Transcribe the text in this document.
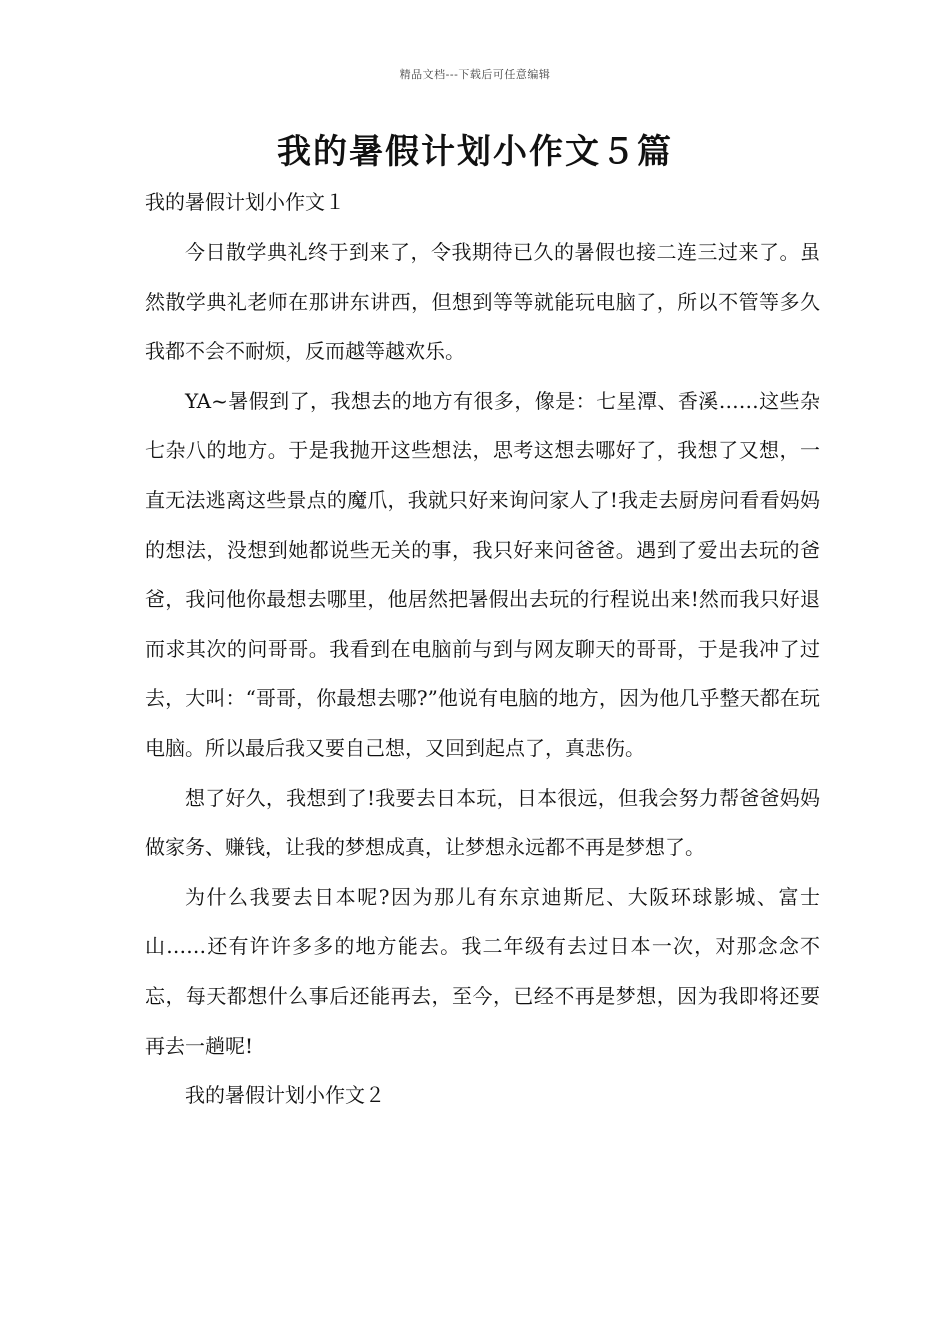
精品文档---下载后可任意编辑
我的暑假计划小作文５篇
我的暑假计划小作文１

今日散学典礼终于到来了，令我期待已久的暑假也接二连三过来了。虽然散学典礼老师在那讲东讲西，但想到等等就能玩电脑了，所以不管等多久我都不会不耐烦，反而越等越欢乐。

YA~暑假到了，我想去的地方有很多，像是：七星潭、香溪……这些杂七杂八的地方。于是我抛开这些想法，思考这想去哪好了，我想了又想，一直无法逃离这些景点的魔爪，我就只好来询问家人了!我走去厨房问看看妈妈的想法，没想到她都说些无关的事，我只好来问爸爸。遇到了爱出去玩的爸爸，我问他你最想去哪里，他居然把暑假出去玩的行程说出来!然而我只好退而求其次的问哥哥。我看到在电脑前与到与网友聊天的哥哥，于是我冲了过去，大叫：“哥哥，你最想去哪?”他说有电脑的地方，因为他几乎整天都在玩电脑。所以最后我又要自己想，又回到起点了，真悲伤。

想了好久，我想到了!我要去日本玩，日本很远，但我会努力帮爸爸妈妈做家务、赚钱，让我的梦想成真，让梦想永远都不再是梦想了。

为什么我要去日本呢?因为那儿有东京迪斯尼、大阪环球影城、富士山……还有许许多多的地方能去。我二年级有去过日本一次，对那念念不忘，每天都想什么事后还能再去，至今，已经不再是梦想，因为我即将还要再去一趟呢!

我的暑假计划小作文２
